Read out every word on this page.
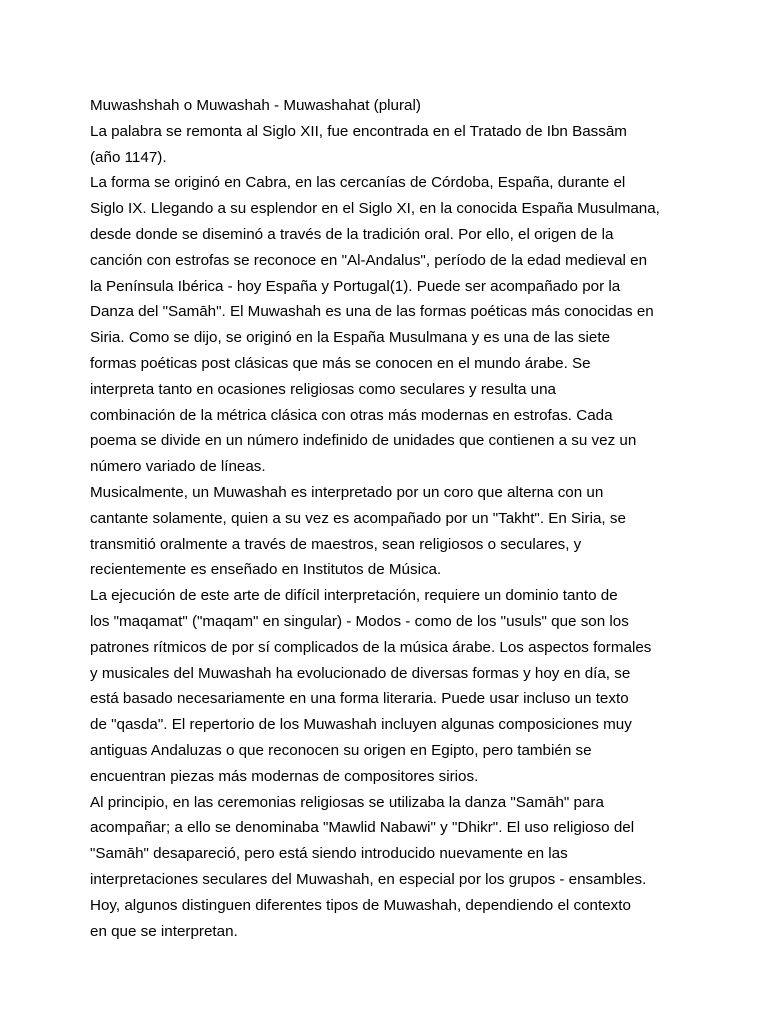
Muwashshah o Muwashah - Muwashahat (plural)
La palabra se remonta al Siglo XII, fue encontrada en el Tratado de Ibn Bassām
(año 1147).
La forma se originó en Cabra, en las cercanías de Córdoba, España, durante el
Siglo IX. Llegando a su esplendor en el Siglo XI, en la conocida España Musulmana,
desde donde se diseminó a través de la tradición oral. Por ello, el origen de la
canción con estrofas se reconoce en "Al-Andalus", período de la edad medieval en
la Península Ibérica - hoy España y Portugal(1). Puede ser acompañado por la
Danza del "Samāh". El Muwashah es una de las formas poéticas más conocidas en
Siria. Como se dijo, se originó en la España Musulmana y es una de las siete
formas poéticas post clásicas que más se conocen en el mundo árabe. Se
interpreta tanto en ocasiones religiosas como seculares y resulta una
combinación de la métrica clásica con otras más modernas en estrofas. Cada
poema se divide en un número indefinido de unidades que contienen a su vez un
número variado de líneas.
Musicalmente, un Muwashah es interpretado por un coro que alterna con un
cantante solamente, quien a su vez es acompañado por un "Takht". En Siria, se
transmitió oralmente a través de maestros, sean religiosos o seculares, y
recientemente es enseñado en Institutos de Música.
La ejecución de este arte de difícil interpretación, requiere un dominio tanto de
los "maqamat" ("maqam" en singular) - Modos - como de los "usuls" que son los
patrones rítmicos de por sí complicados de la música árabe. Los aspectos formales
y musicales del Muwashah ha evolucionado de diversas formas y hoy en día, se
está basado necesariamente en una forma literaria. Puede usar incluso un texto
de "qasda". El repertorio de los Muwashah incluyen algunas composiciones muy
antiguas Andaluzas o que reconocen su origen en Egipto, pero también se
encuentran piezas más modernas de compositores sirios.
Al principio, en las ceremonias religiosas se utilizaba la danza "Samāh" para
acompañar; a ello se denominaba "Mawlid Nabawi" y "Dhikr". El uso religioso del
"Samāh" desapareció, pero está siendo introducido nuevamente en las
interpretaciones seculares del Muwashah, en especial por los grupos - ensambles.
Hoy, algunos distinguen diferentes tipos de Muwashah, dependiendo el contexto
en que se interpretan.
